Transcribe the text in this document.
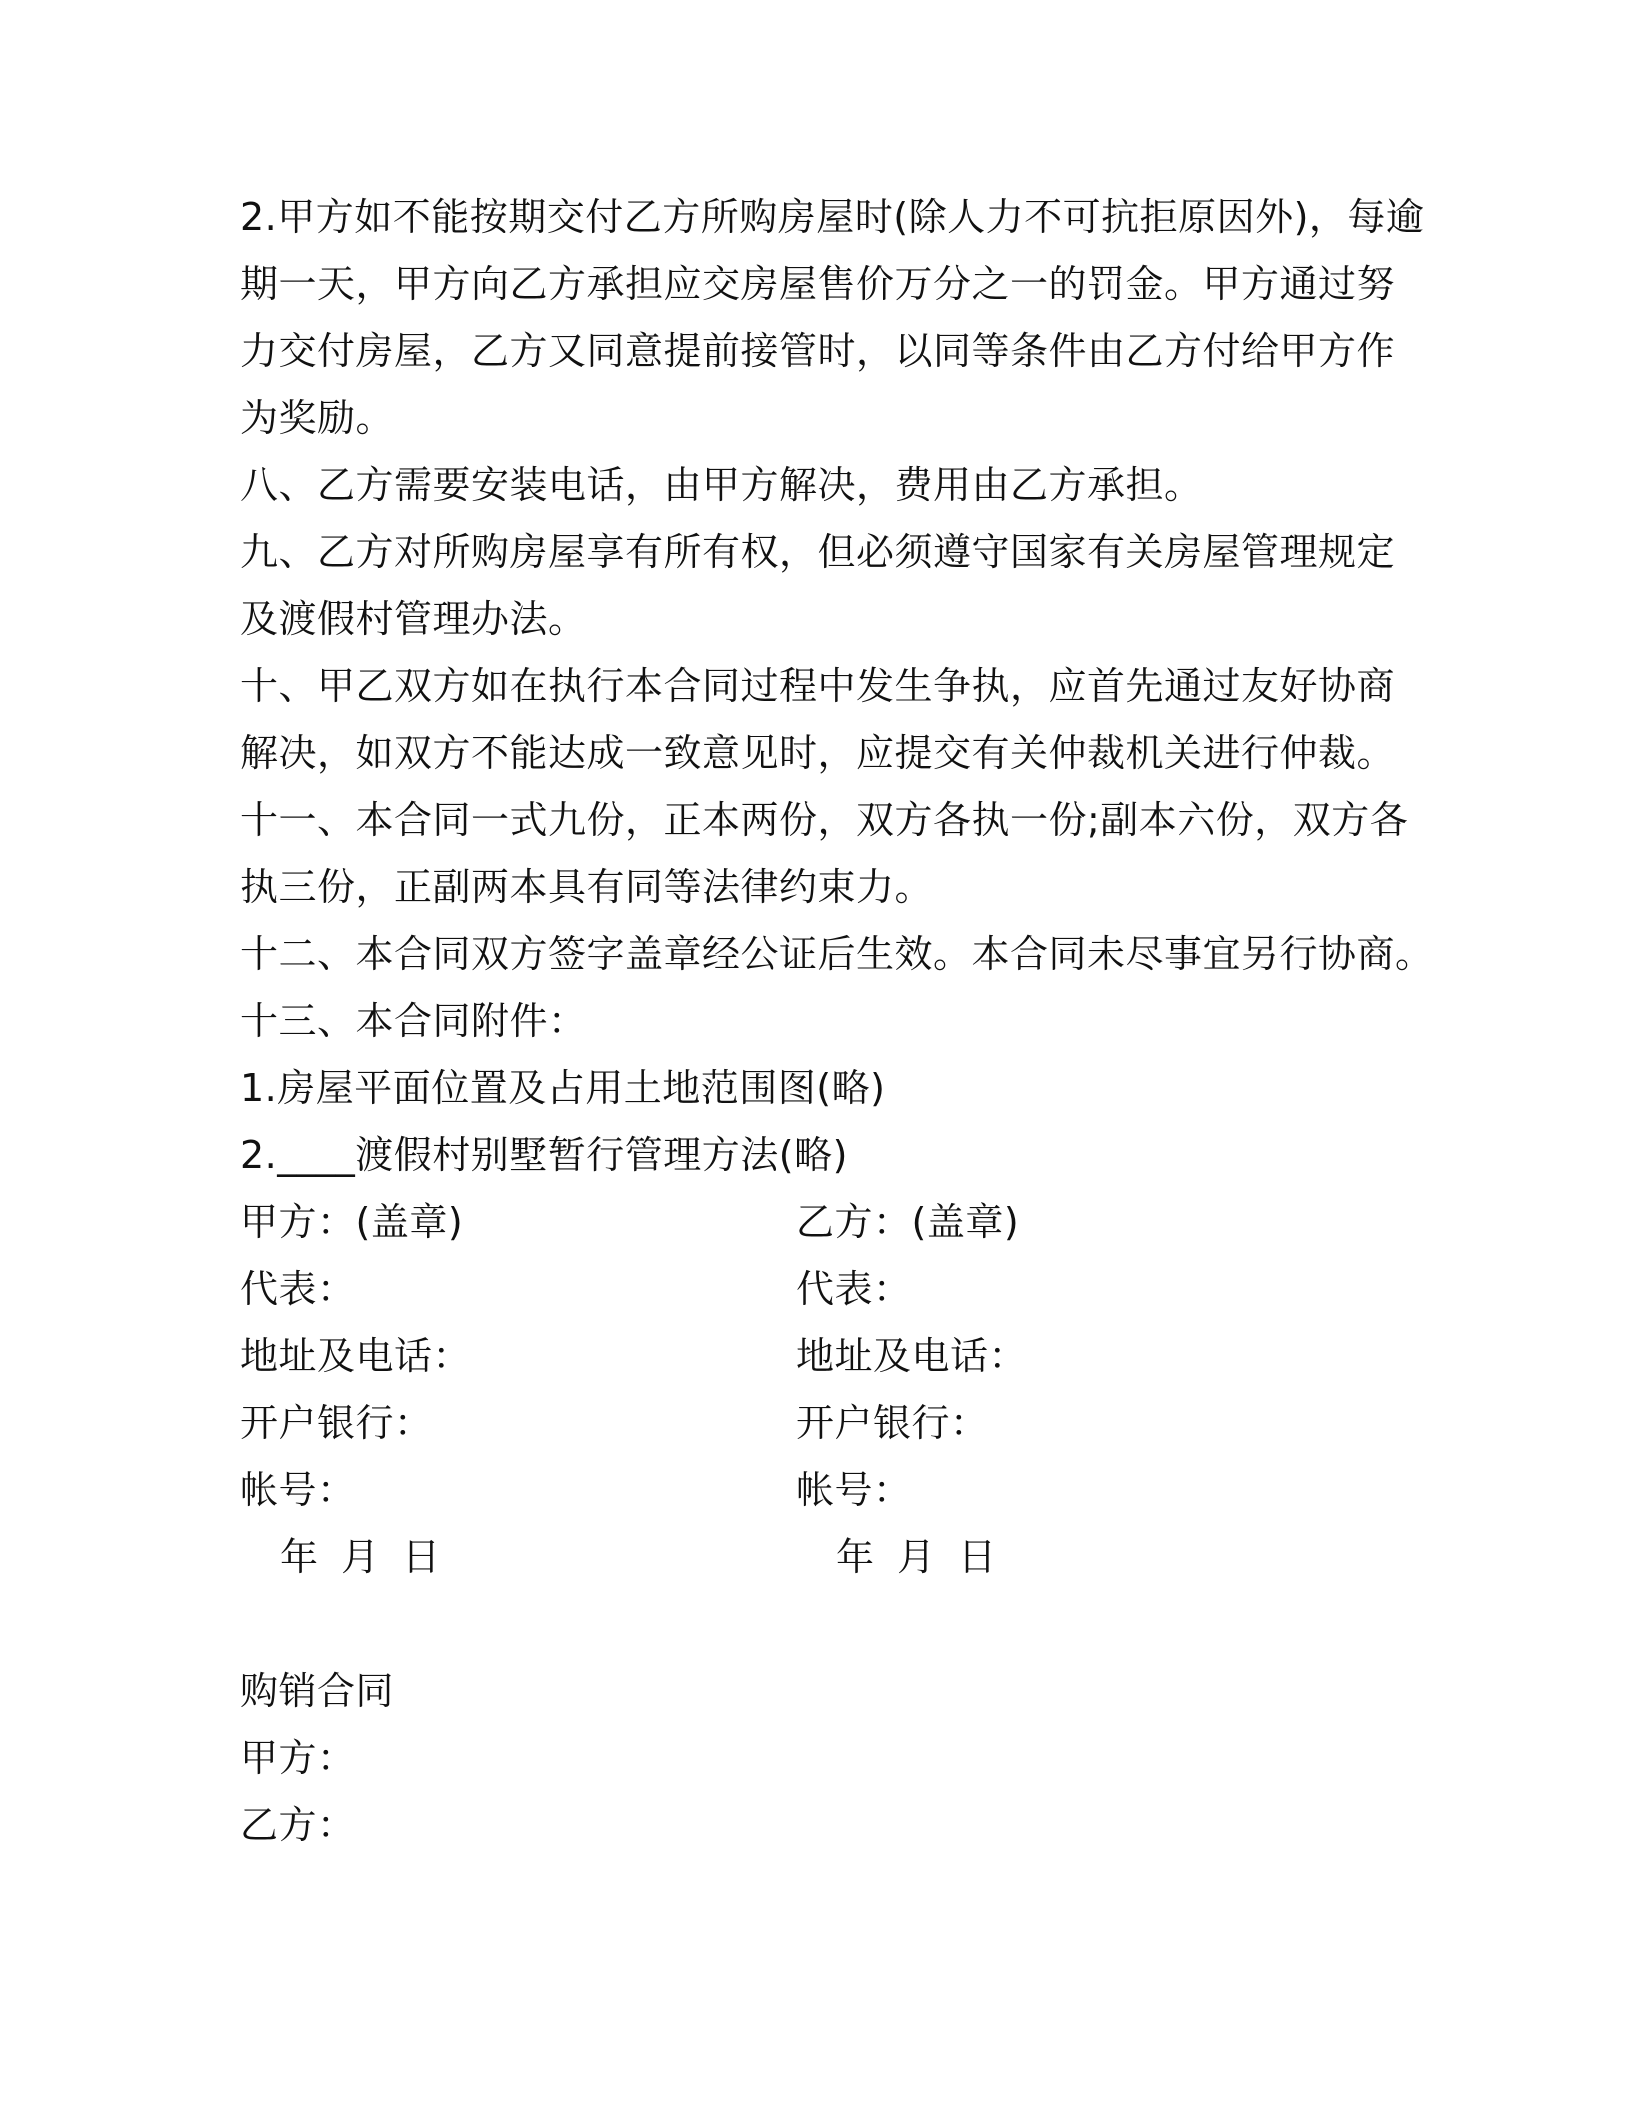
2.甲方如不能按期交付乙方所购房屋时(除人力不可抗拒原因外)，每逾
期一天，甲方向乙方承担应交房屋售价万分之一的罚金。甲方通过努
力交付房屋，乙方又同意提前接管时，以同等条件由乙方付给甲方作
为奖励。
八、乙方需要安装电话，由甲方解决，费用由乙方承担。
九、乙方对所购房屋享有所有权，但必须遵守国家有关房屋管理规定
及渡假村管理办法。
十、甲乙双方如在执行本合同过程中发生争执，应首先通过友好协商
解决，如双方不能达成一致意见时，应提交有关仲裁机关进行仲裁。
十一、本合同一式九份，正本两份，双方各执一份;副本六份，双方各
执三份，正副两本具有同等法律约束力。
十二、本合同双方签字盖章经公证后生效。本合同未尽事宜另行协商。
十三、本合同附件：
1.房屋平面位置及占用土地范围图(略)
2.____渡假村别墅暂行管理方法(略)
甲方：(盖章)	乙方：(盖章)
代表：	代表：
地址及电话：	地址及电话：
开户银行：	开户银行：
帐号：	帐号：
年 月 日	年 月 日
购销合同
甲方：
乙方：
